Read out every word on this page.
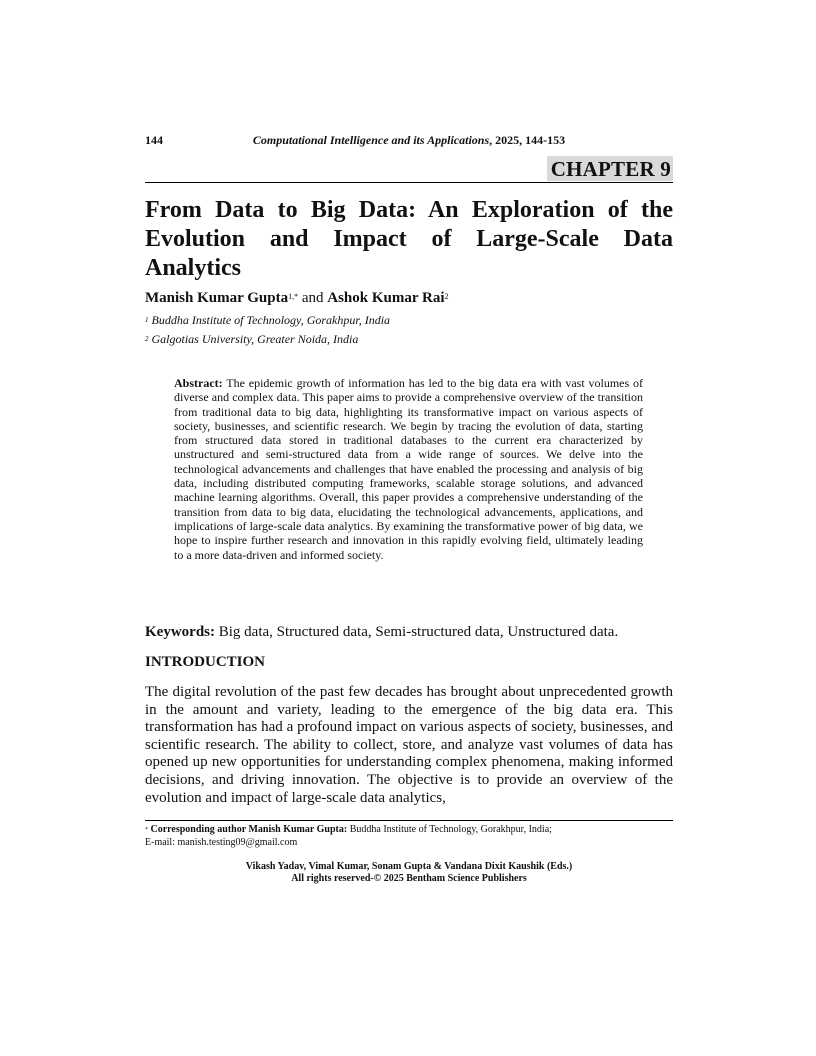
144	Computational Intelligence and its Applications, 2025, 144-153
CHAPTER 9
From Data to Big Data: An Exploration of the Evolution and Impact of Large-Scale Data Analytics
Manish Kumar Gupta$^{1,*}$ and Ashok Kumar Rai$^2$
$^1$ Buddha Institute of Technology, Gorakhpur, India
$^2$ Galgotias University, Greater Noida, India
Abstract: The epidemic growth of information has led to the big data era with vast volumes of diverse and complex data. This paper aims to provide a comprehensive overview of the transition from traditional data to big data, highlighting its transformative impact on various aspects of society, businesses, and scientific research. We begin by tracing the evolution of data, starting from structured data stored in traditional databases to the current era characterized by unstructured and semi-structured data from a wide range of sources. We delve into the technological advancements and challenges that have enabled the processing and analysis of big data, including distributed computing frameworks, scalable storage solutions, and advanced machine learning algorithms. Overall, this paper provides a comprehensive understanding of the transition from data to big data, elucidating the technological advancements, applications, and implications of large-scale data analytics. By examining the transformative power of big data, we hope to inspire further research and innovation in this rapidly evolving field, ultimately leading to a more data-driven and informed society.
Keywords: Big data, Structured data, Semi-structured data, Unstructured data.
INTRODUCTION
The digital revolution of the past few decades has brought about unprecedented growth in the amount and variety, leading to the emergence of the big data era. This transformation has had a profound impact on various aspects of society, businesses, and scientific research. The ability to collect, store, and analyze vast volumes of data has opened up new opportunities for understanding complex phenomena, making informed decisions, and driving innovation. The objective is to provide an overview of the evolution and impact of large-scale data analytics,
* Corresponding author Manish Kumar Gupta: Buddha Institute of Technology, Gorakhpur, India;
E-mail: manish.testing09@gmail.com
Vikash Yadav, Vimal Kumar, Sonam Gupta & Vandana Dixit Kaushik (Eds.)
All rights reserved-© 2025 Bentham Science Publishers
